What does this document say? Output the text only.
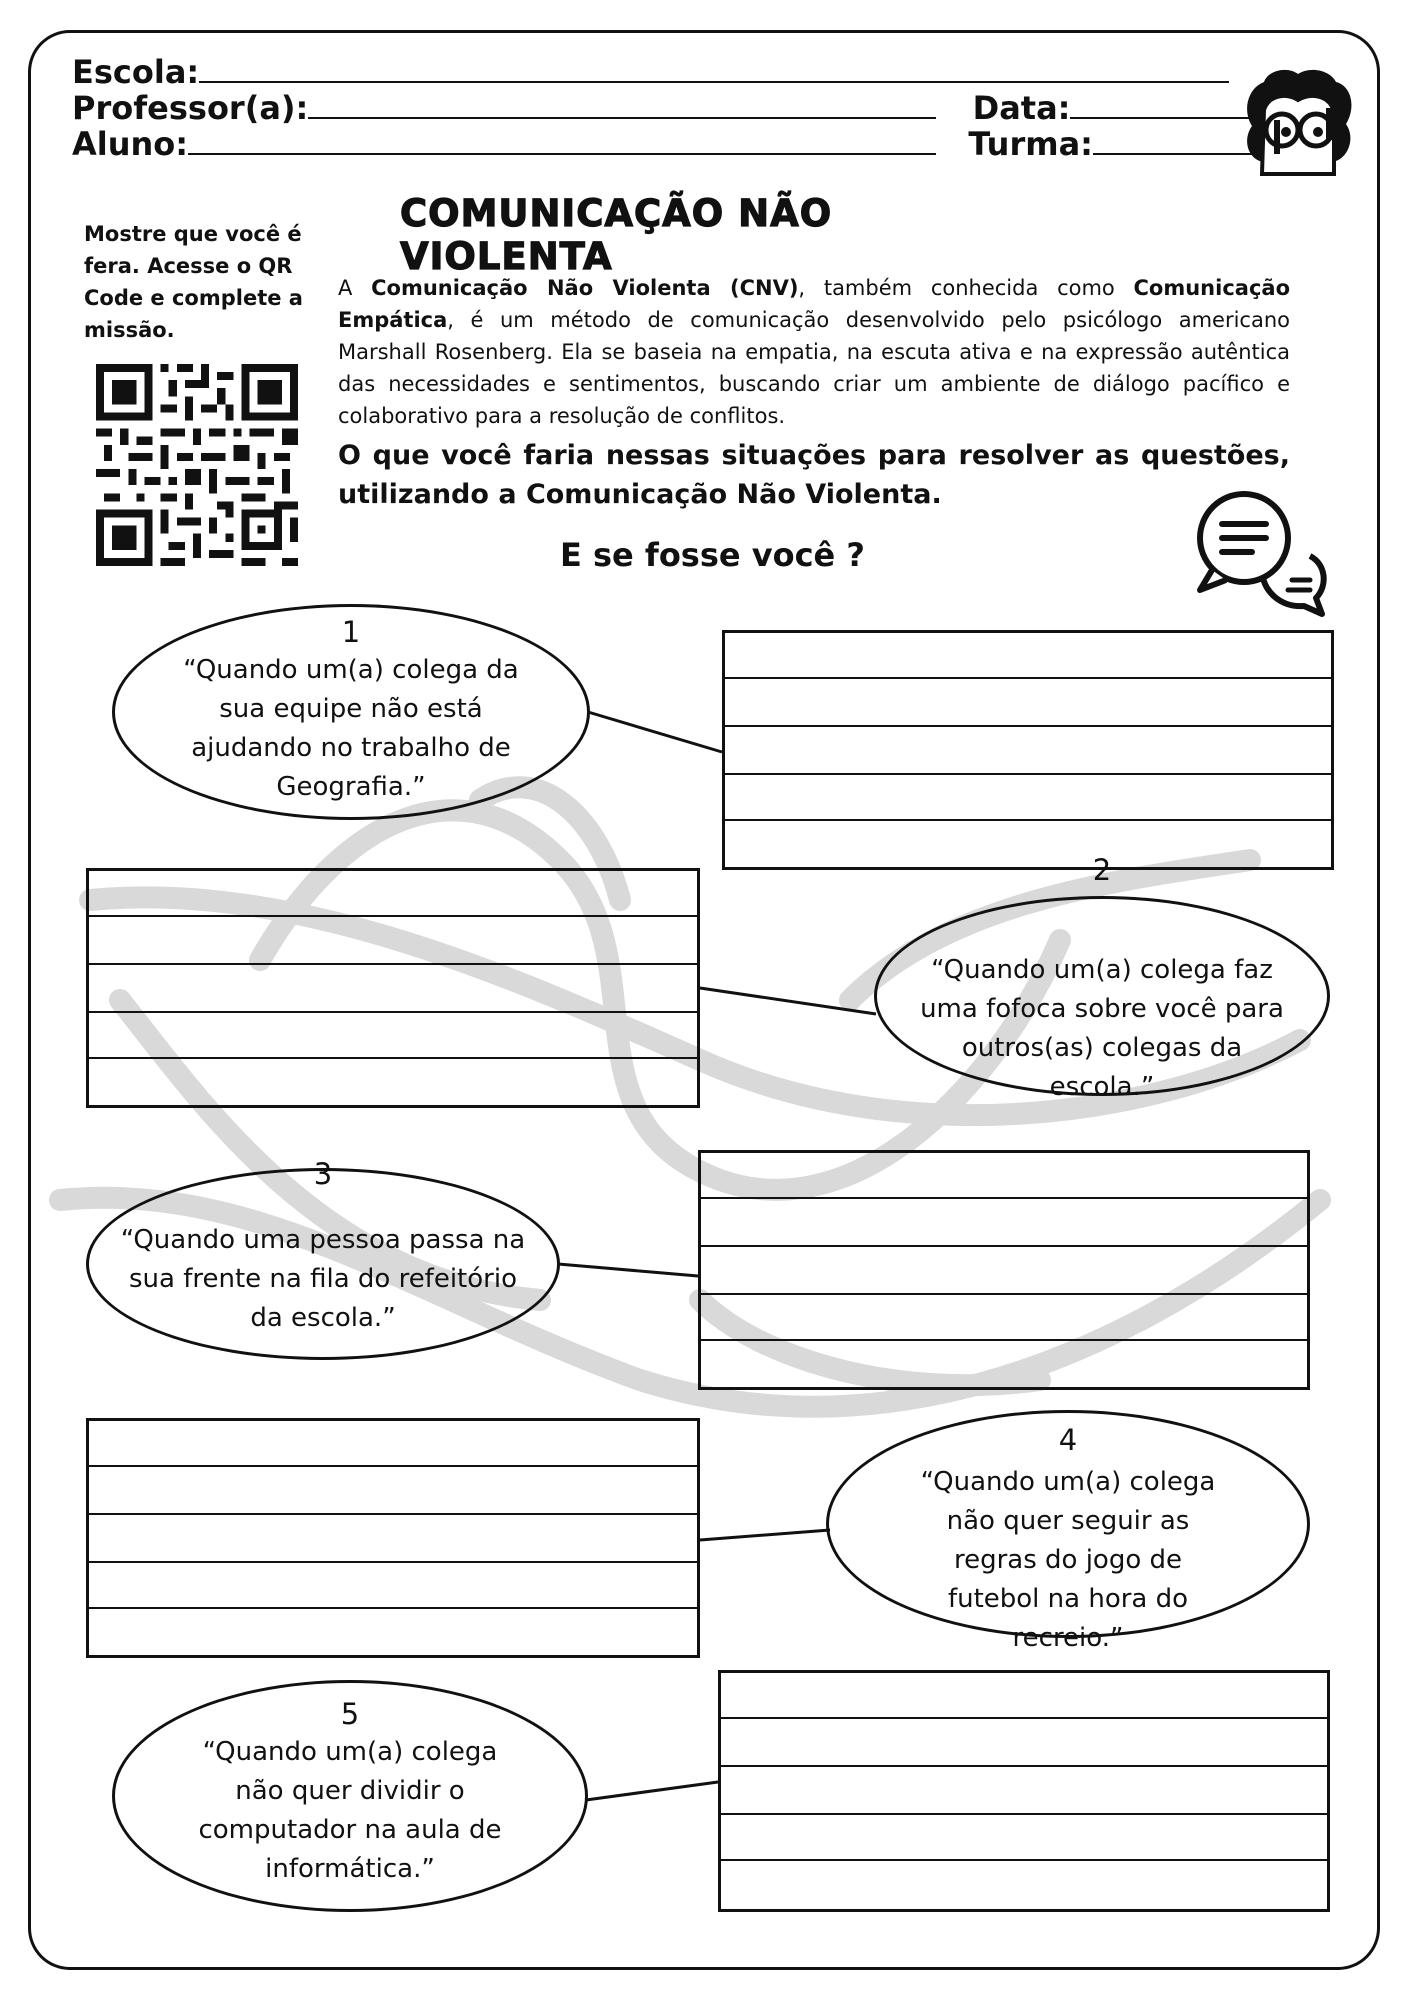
Escola:
Professor(a):	Data:
Aluno:	Turma:
COMUNICAÇÃO NÃO VIOLENTA
Mostre que você é fera. Acesse o QR Code e complete a missão.
A Comunicação Não Violenta (CNV), também conhecida como Comunicação Empática, é um método de comunicação desenvolvido pelo psicólogo americano Marshall Rosenberg. Ela se baseia na empatia, na escuta ativa e na expressão autêntica das necessidades e sentimentos, buscando criar um ambiente de diálogo pacífico e colaborativo para a resolução de conflitos.
O que você faria nessas situações para resolver as questões, utilizando a Comunicação Não Violenta.
E se fosse você ?
1
“Quando um(a) colega da sua equipe não está ajudando no trabalho de Geografia.”
2
“Quando um(a) colega faz uma fofoca sobre você para outros(as) colegas da escola.”
3
“Quando uma pessoa passa na sua frente na fila do refeitório da escola.”
4
“Quando um(a) colega não quer seguir as regras do jogo de futebol na hora do recreio.”
5
“Quando um(a) colega não quer dividir o computador na aula de informática.”
